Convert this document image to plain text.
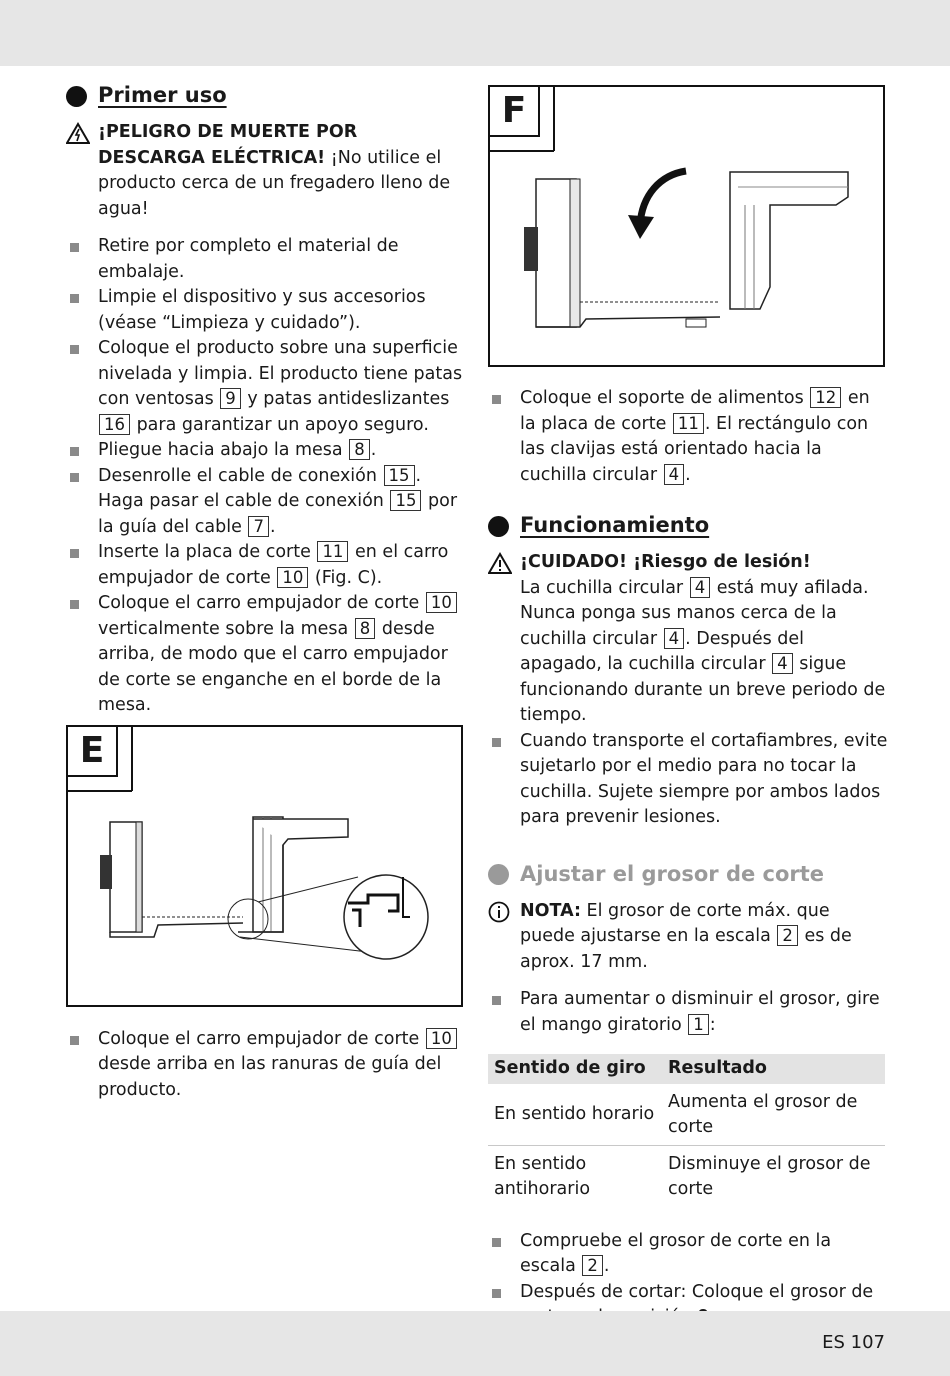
Primer uso
¡PELIGRO DE MUERTE POR DESCARGA ELÉCTRICA! ¡No utilice el producto cerca de un fregadero lleno de agua!
Retire por completo el material de embalaje.
Limpie el dispositivo y sus accesorios (véase “Limpieza y cuidado”).
Coloque el producto sobre una superficie nivelada y limpia. El producto tiene patas con ventosas 9 y patas antideslizantes 16 para garantizar un apoyo seguro.
Pliegue hacia abajo la mesa 8 .
Desenrolle el cable de conexión 15 . Haga pasar el cable de conexión 15 por la guía del cable 7 .
Inserte la placa de corte 11 en el carro empujador de corte 10 (Fig. C).
Coloque el carro empujador de corte 10 verticalmente sobre la mesa 8 desde arriba, de modo que el carro empujador de corte se enganche en el borde de la mesa.
E
Coloque el carro empujador de corte 10 desde arriba en las ranuras de guía del producto.
F
Coloque el soporte de alimentos 12 en la placa de corte 11 . El rectángulo con las clavijas está orientado hacia la cuchilla circular 4 .
Funcionamiento
¡CUIDADO! ¡Riesgo de lesión!
La cuchilla circular 4 está muy afilada. Nunca ponga sus manos cerca de la cuchilla circular 4 . Después del apagado, la cuchilla circular 4 sigue funcionando durante un breve periodo de tiempo.
Cuando transporte el cortafiambres, evite sujetarlo por el medio para no tocar la cuchilla. Sujete siempre por ambos lados para prevenir lesiones.
Ajustar el grosor de corte
NOTA: El grosor de corte máx. que puede ajustarse en la escala 2 es de aprox. 17 mm.
Para aumentar o disminuir el grosor, gire el mango giratorio 1 :
Sentido de giro	Resultado
En sentido horario	Aumenta el grosor de corte
En sentido antihorario	Disminuye el grosor de corte
Compruebe el grosor de corte en la escala 2 .
Después de cortar: Coloque el grosor de
ES 107
